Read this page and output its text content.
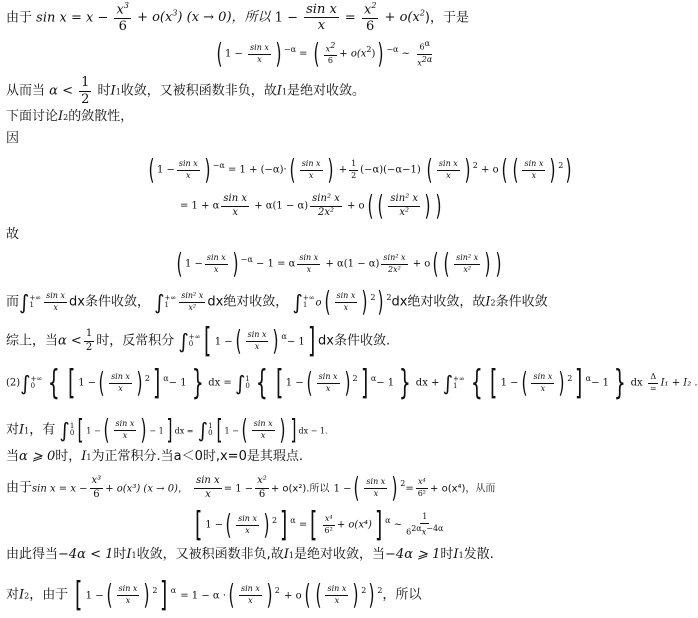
由于 $\sin x = x - \frac{x^3}{6} + o(x^3) (x \to 0)$，所以 $1 - \frac{\text{sin x}}{x} = \frac{x^2}{6} + o(x^2)$，于是
( $1 - \frac{\text{sin x}}{x}$ ) $^{-\alpha}$ = ( $\frac{x2}{6} + o(x^2)$) $^{-\alpha}$ ~ $\frac{6\alpha}{x2\alpha}$
从而当 $\alpha < \frac{1}{2}$ 时I1收敛，又被积函数非负，故I1是绝对收敛。
下面讨论I2的敛散性，
因
( $1 - \frac{\text{sin x}}{x}$ ) $^{-\alpha} = 1 + (-\alpha)\cdot( \frac{\text{sin x}}{x}$ ) + $\frac{1}{2} (-\alpha)(-\alpha-1)$ ( $\frac{\text{sin x}}{x}$ ) $^2$ + o( ( $\frac{\text{sin x}}{x}$ ) $^2$)
= 1 + α $\frac{\text{sin x}}{x} + \alpha(1 - \alpha) \frac{\text{sin² x}}{\text{2x²}} + o$( ( $\frac{\text{sin² x}}{\text{x²}}$ ) )
故
( $1 - \frac{\text{sin x}}{x}$ ) $^{-\alpha}$ − 1 = α $\frac{\text{sin x}}{x} + \alpha(1 - \alpha) \frac{\text{sin² x}}{\text{2x²}} + o$( ( $\frac{\text{sin² x}}{\text{x²}}$ ) )
而∫ +∞
1	$\frac{\text{sin x}}{x}$ dx条件收敛， ∫ +∞
1	$\frac{\text{sin² x}}{\text{x²}}$ dx绝对收敛， ∫ +∞
1 $o( \frac{\text{sin x}}{x}$ ) $^2$) $^2$dx绝对收敛，故I2条件收敛
综上，当$\alpha < \frac{1}{2}$ 时，反常积分 ∫ +∞
0 [ 1 −( $\frac{\text{sin x}}{x}$ ) $^\alpha$− 1] dx条件收敛.
(2)∫ +∞
0 { [ 1 −( $\frac{\text{sin x}}{x}$ ) $^2$] $^\alpha$− 1 } dx = ∫ 1
0 { [ 1 −( $\frac{\text{sin x}}{x}$ ) $^2$] $^\alpha$− 1 } dx + ∫ +∞
1 { [ 1 −( $\frac{\text{sin x}}{x}$ ) $^2$] $^\alpha$− 1 } dx
Δ
= I₁ + I₂ .
对I1，有 ∫ 1
0 [ 1 −( $\frac{\text{sin x}}{x}$ ) − 1] dx = ∫ 1
0 [ 1 −( $\frac{\text{sin x}}{x}$ ) ] dx − 1.
当α ⩾ 0时，I1为正常积分.当a＜0时,x=0是其瑕点.
由于$\sin x = x - \frac{\text{x³}}{6} + o(x^3) (x \to 0)$， $\frac{\text{sin x}}{x} = 1 - \frac{\text{x²}}{6} + o(x^2)$.所以 1 −( $\frac{\text{sin x}}{x}$ ) $^2= \frac{\text{x⁴}}{\text{6²}} + o(x^4)$，从而
[ 1 −( $\frac{\text{sin x}}{x}$ ) $^2$] $^\alpha$ =[ $\frac{\text{x⁴}}{\text{6²}} + o(x^4)$] $^\alpha$ ~ $\frac{1}{62\alpha x-4\alpha}$
由此得当−4α < 1时I1收敛，又被积函数非负,故I1是绝对收敛，当−4α ⩾ 1时I1发散.
对I2，由于 [ 1 −( $\frac{\text{sin x}}{x}$ ) $^2$] $^\alpha$ = 1 − α ·( $\frac{\text{sin x}}{x}$ ) $^2$ + o( ( $\frac{\text{sin x}}{x}$ ) $^2$) $^2$，所以
